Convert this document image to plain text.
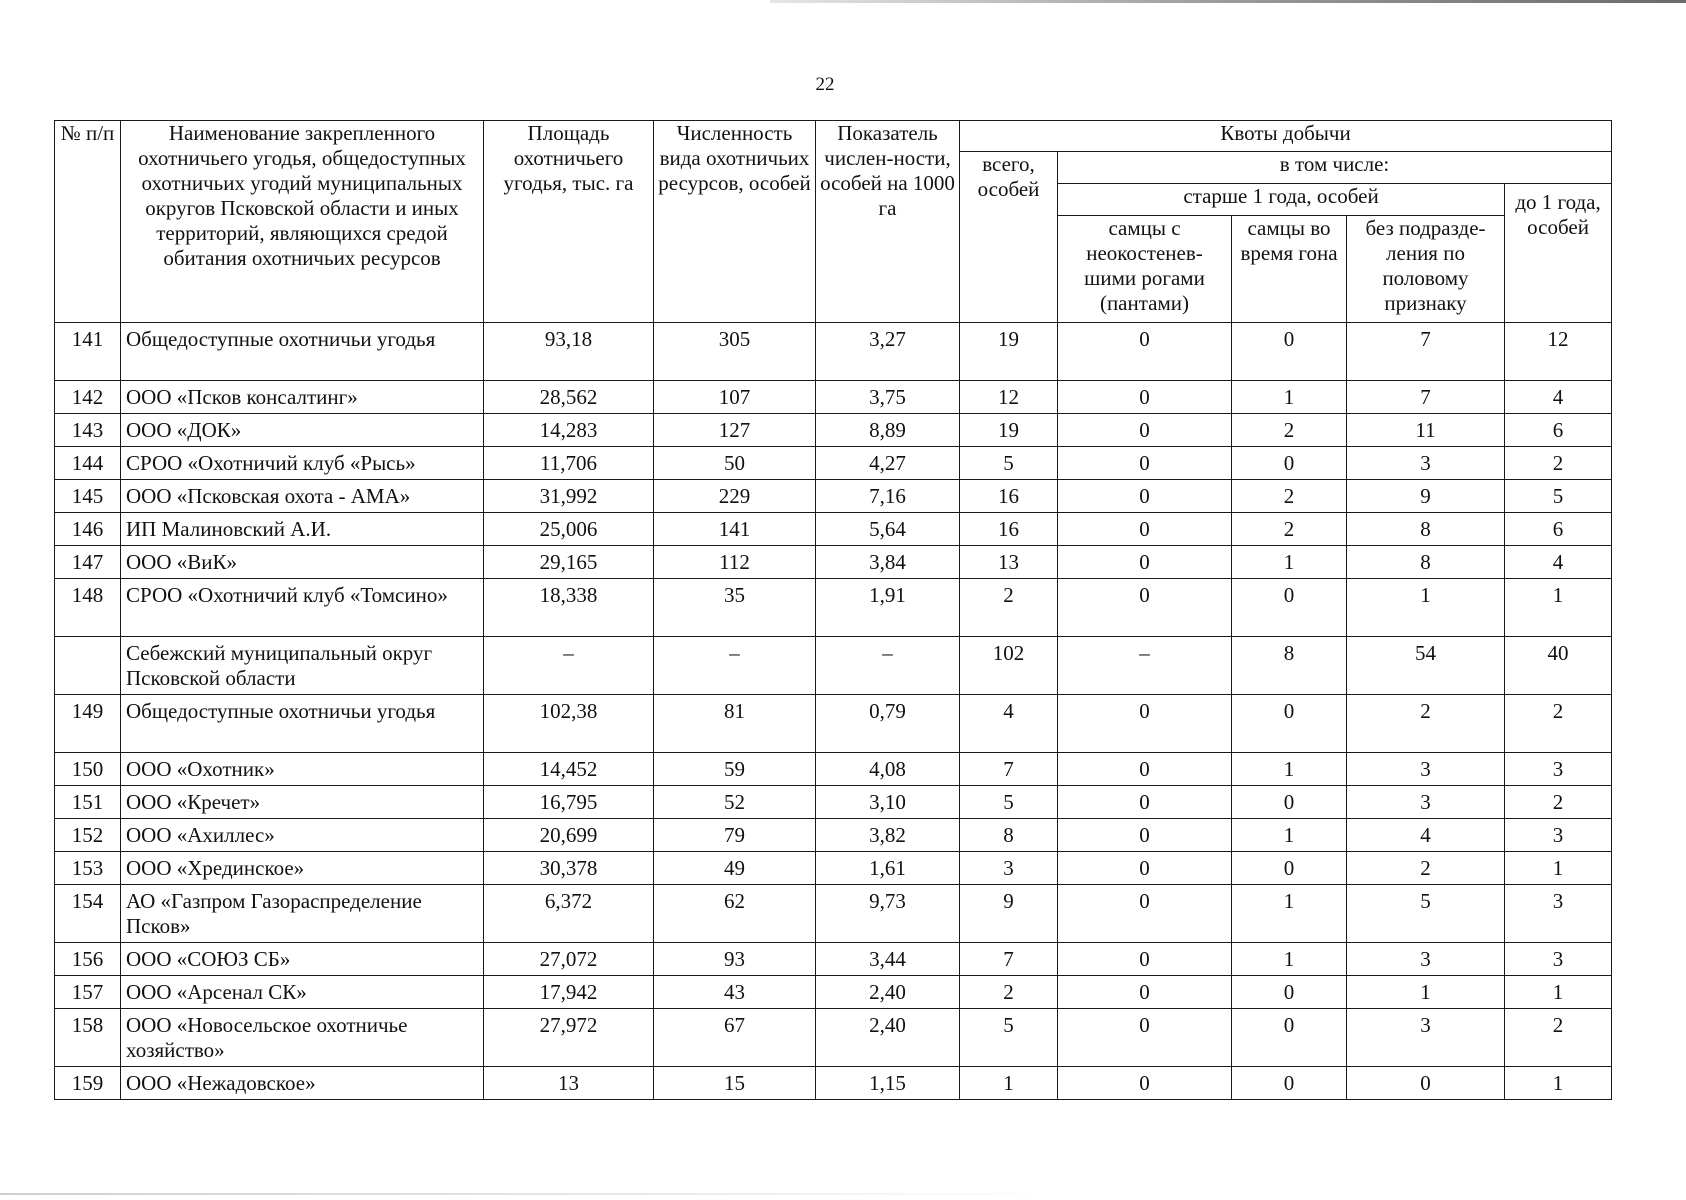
22
№ п/п	Наименование закрепленного охотничьего угодья, общедоступных охотничьих угодий муниципальных округов Псковской области и иных территорий, являющихся средой обитания охотничьих ресурсов	Площадь охотничьего угодья, тыс. га	Численность вида охотничьих ресурсов, особей	Показатель числен-ности, особей на 1000 га	Квоты добычи				
					всего, особей	в том числе:			
						старше 1 года, особей			до 1 года, особей
						самцы с неокостенев-шими рогами (пантами)	самцы во время гона	без подразде-ления по половому признаку	
141	Общедоступные охотничьи угодья	93,18	305	3,27	19	0	0	7	12
142	ООО «Псков консалтинг»	28,562	107	3,75	12	0	1	7	4
143	ООО «ДОК»	14,283	127	8,89	19	0	2	11	6
144	СРОО «Охотничий клуб «Рысь»	11,706	50	4,27	5	0	0	3	2
145	ООО «Псковская охота - АМА»	31,992	229	7,16	16	0	2	9	5
146	ИП Малиновский А.И.	25,006	141	5,64	16	0	2	8	6
147	ООО «ВиК»	29,165	112	3,84	13	0	1	8	4
148	СРОО «Охотничий клуб «Томсино»	18,338	35	1,91	2	0	0	1	1
	Себежский муниципальный округ Псковской области	–	–	–	102	–	8	54	40
149	Общедоступные охотничьи угодья	102,38	81	0,79	4	0	0	2	2
150	ООО «Охотник»	14,452	59	4,08	7	0	1	3	3
151	ООО «Кречет»	16,795	52	3,10	5	0	0	3	2
152	ООО «Ахиллес»	20,699	79	3,82	8	0	1	4	3
153	ООО «Хрединское»	30,378	49	1,61	3	0	0	2	1
154	АО «Газпром Газораспределение Псков»	6,372	62	9,73	9	0	1	5	3
156	ООО «СОЮЗ СБ»	27,072	93	3,44	7	0	1	3	3
157	ООО «Арсенал СК»	17,942	43	2,40	2	0	0	1	1
158	ООО «Новосельское охотничье хозяйство»	27,972	67	2,40	5	0	0	3	2
159	ООО «Нежадовское»	13	15	1,15	1	0	0	0	1
